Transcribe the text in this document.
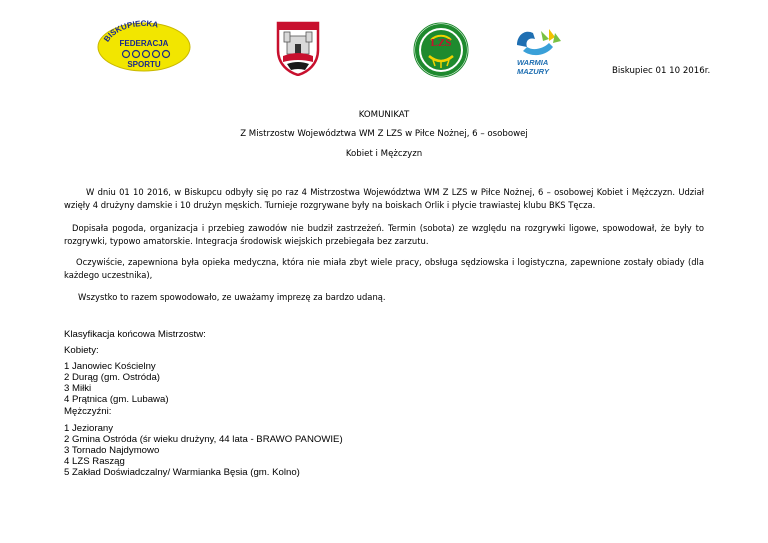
BISKUPIECKA
FEDERACJA
SPORTU
LZS
WARMIA
MAZURY	Biskupiec 01 10 2016r.
KOMUNIKAT
Z Mistrzostw Województwa WM Z LZS w Piłce Nożnej, 6 – osobowej
Kobiet i Mężczyzn
W dniu 01 10 2016, w Biskupcu odbyły się po raz 4 Mistrzostwa Województwa WM Z LZS w Piłce Nożnej, 6 – osobowej Kobiet i Mężczyzn. Udział wzięły 4 drużyny damskie i 10 drużyn męskich. Turnieje rozgrywane były na boiskach Orlik i płycie trawiastej klubu BKS Tęcza.
Dopisała pogoda, organizacja i przebieg zawodów nie budził zastrzeżeń. Termin (sobota) ze względu na rozgrywki ligowe, spowodował, że były to rozgrywki, typowo amatorskie. Integracja środowisk wiejskich przebiegała bez zarzutu.
Oczywiście, zapewniona była opieka medyczna, która nie miała zbyt wiele pracy, obsługa sędziowska i logistyczna, zapewnione zostały obiady (dla każdego uczestnika),
Wszystko to razem spowodowało, ze uważamy imprezę za bardzo udaną.
Klasyfikacja końcowa Mistrzostw:
Kobiety:
1 Janowiec Kościelny
2 Durąg (gm. Ostróda)
3 Miłki
4 Prątnica (gm. Lubawa)
Mężczyźni:
1 Jeziorany
2 Gmina Ostróda (śr wieku drużyny, 44 lata - BRAWO PANOWIE)
3 Tornado Najdymowo
4 LZS Rasząg
5 Zakład Doświadczalny/ Warmianka Bęsia (gm. Kolno)
